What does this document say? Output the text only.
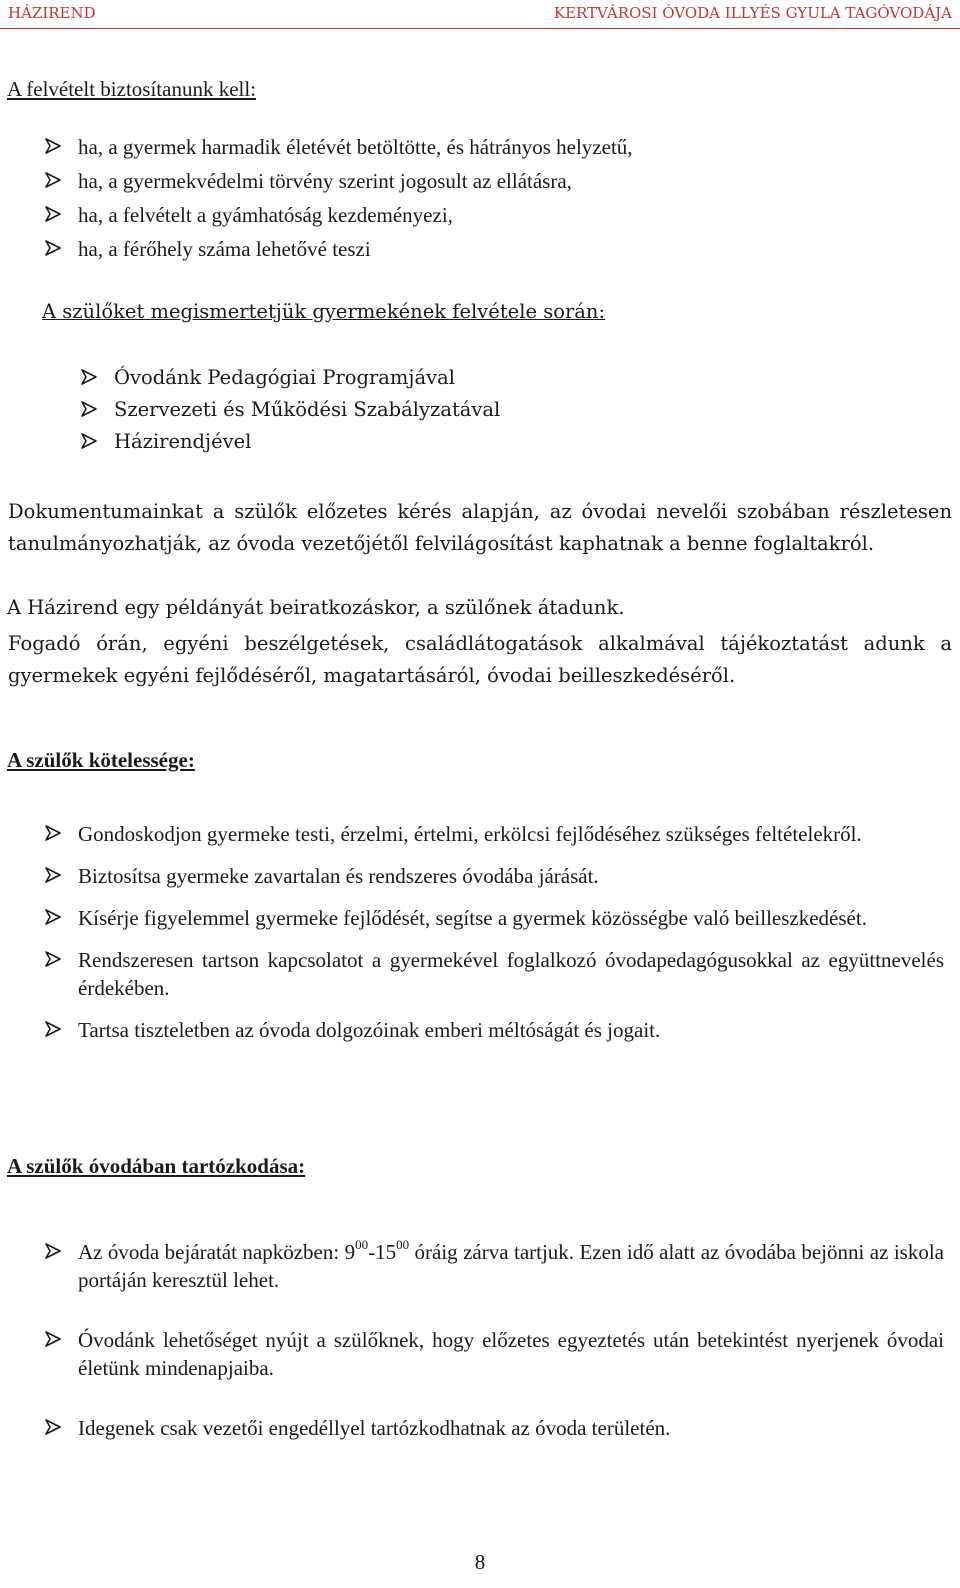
HÁZIREND	KERTVÁROSI ÓVODA ILLYÉS GYULA TAGÓVODÁJA

A felvételt biztosítanunk kell:

ha, a gyermek harmadik életévét betöltötte, és hátrányos helyzetű,
ha, a gyermekvédelmi törvény szerint jogosult az ellátásra,
ha, a felvételt a gyámhatóság kezdeményezi,
ha, a férőhely száma lehetővé teszi

A szülőket megismertetjük gyermekének felvétele során:

Óvodánk Pedagógiai Programjával
Szervezeti és Működési Szabályzatával
Házirendjével

Dokumentumainkat a szülők előzetes kérés alapján, az óvodai nevelői szobában részletesen tanulmányozhatják, az óvoda vezetőjétől felvilágosítást kaphatnak a benne foglaltakról.

A Házirend egy példányát beiratkozáskor, a szülőnek átadunk.

Fogadó órán, egyéni beszélgetések, családlátogatások alkalmával tájékoztatást adunk a gyermekek egyéni fejlődéséről, magatartásáról, óvodai beilleszkedéséről.

A szülők kötelessége:

Gondoskodjon gyermeke testi, érzelmi, értelmi, erkölcsi fejlődéséhez szükséges feltételekről.
Biztosítsa gyermeke zavartalan és rendszeres óvodába járását.
Kísérje figyelemmel gyermeke fejlődését, segítse a gyermek közösségbe való beilleszkedését.
Rendszeresen tartson kapcsolatot a gyermekével foglalkozó óvodapedagógusokkal az együttnevelés érdekében.
Tartsa tiszteletben az óvoda dolgozóinak emberi méltóságát és jogait.

A szülők óvodában tartózkodása:

Az óvoda bejáratát napközben: $9^{00}-15^{00}$ óráig zárva tartjuk. Ezen idő alatt az óvodába bejönni az iskola portáján keresztül lehet.
Óvodánk lehetőséget nyújt a szülőknek, hogy előzetes egyeztetés után betekintést nyerjenek óvodai életünk mindenapjaiba.
Idegenek csak vezetői engedéllyel tartózkodhatnak az óvoda területén.
8
